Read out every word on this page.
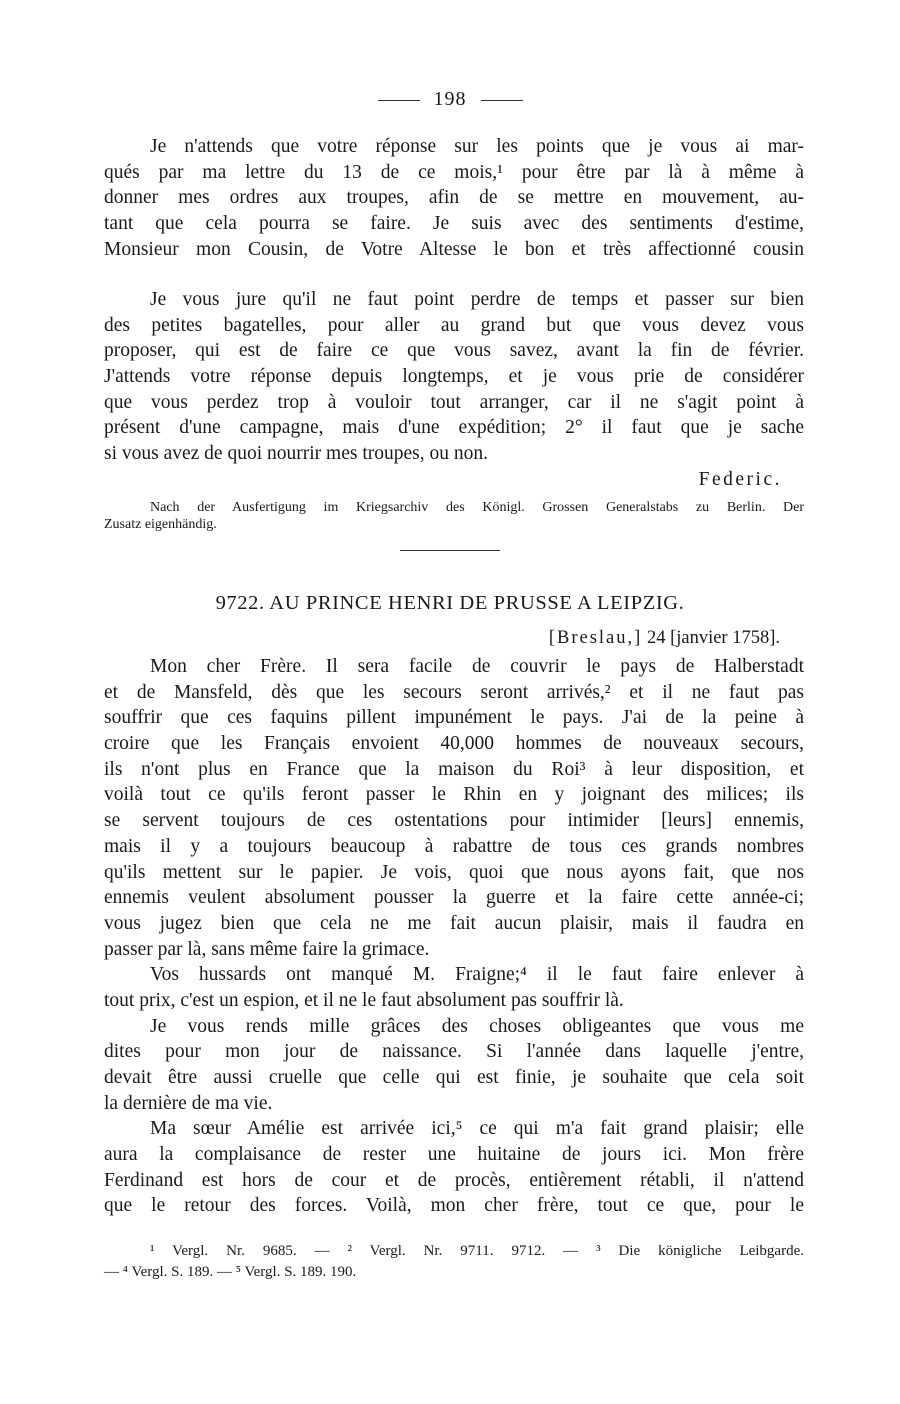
198
Je n'attends que votre réponse sur les points que je vous ai mar-
qués par ma lettre du 13 de ce mois,¹ pour être par là à même à
donner mes ordres aux troupes, afin de se mettre en mouvement, au-
tant que cela pourra se faire. Je suis avec des sentiments d'estime,
Monsieur mon Cousin, de Votre Altesse le bon et très affectionné cousin
Je vous jure qu'il ne faut point perdre de temps et passer sur bien
des petites bagatelles, pour aller au grand but que vous devez vous
proposer, qui est de faire ce que vous savez, avant la fin de février.
J'attends votre réponse depuis longtemps, et je vous prie de considérer
que vous perdez trop à vouloir tout arranger, car il ne s'agit point à
présent d'une campagne, mais d'une expédition; 2° il faut que je sache
si vous avez de quoi nourrir mes troupes, ou non.
Federic.
Nach der Ausfertigung im Kriegsarchiv des Königl. Grossen Generalstabs zu Berlin. Der
Zusatz eigenhändig.
9722. AU PRINCE HENRI DE PRUSSE A LEIPZIG.
[Breslau,] 24 [janvier 1758].
Mon cher Frère. Il sera facile de couvrir le pays de Halberstadt
et de Mansfeld, dès que les secours seront arrivés,² et il ne faut pas
souffrir que ces faquins pillent impunément le pays. J'ai de la peine à
croire que les Français envoient 40,000 hommes de nouveaux secours,
ils n'ont plus en France que la maison du Roi³ à leur disposition, et
voilà tout ce qu'ils feront passer le Rhin en y joignant des milices; ils
se servent toujours de ces ostentations pour intimider [leurs] ennemis,
mais il y a toujours beaucoup à rabattre de tous ces grands nombres
qu'ils mettent sur le papier. Je vois, quoi que nous ayons fait, que nos
ennemis veulent absolument pousser la guerre et la faire cette année-ci;
vous jugez bien que cela ne me fait aucun plaisir, mais il faudra en
passer par là, sans même faire la grimace.
Vos hussards ont manqué M. Fraigne;⁴ il le faut faire enlever à
tout prix, c'est un espion, et il ne le faut absolument pas souffrir là.
Je vous rends mille grâces des choses obligeantes que vous me
dites pour mon jour de naissance. Si l'année dans laquelle j'entre,
devait être aussi cruelle que celle qui est finie, je souhaite que cela soit
la dernière de ma vie.
Ma sœur Amélie est arrivée ici,⁵ ce qui m'a fait grand plaisir; elle
aura la complaisance de rester une huitaine de jours ici. Mon frère
Ferdinand est hors de cour et de procès, entièrement rétabli, il n'attend
que le retour des forces. Voilà, mon cher frère, tout ce que, pour le
¹ Vergl. Nr. 9685. — ² Vergl. Nr. 9711. 9712. — ³ Die königliche Leibgarde.
— ⁴ Vergl. S. 189. — ⁵ Vergl. S. 189. 190.
